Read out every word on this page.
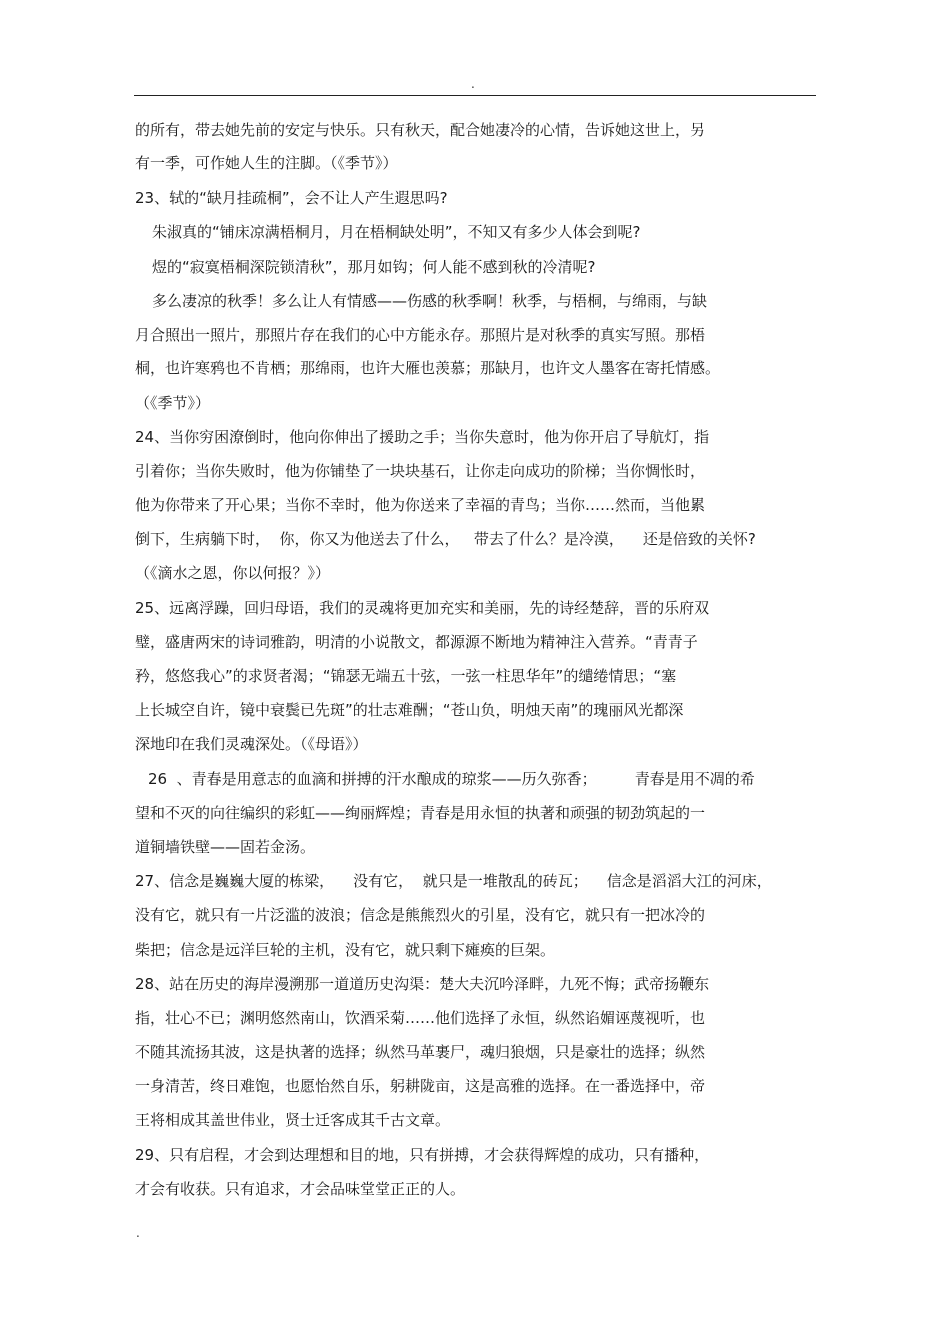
.
的所有，带去她先前的安定与快乐。只有秋天，配合她凄冷的心情，告诉她这世上，另
有一季，可作她人生的注脚。（《季节》）
23、轼的“缺月挂疏桐”，会不让人产生遐思吗?
朱淑真的“铺床凉满梧桐月，月在梧桐缺处明”，不知又有多少人体会到呢?
煜的“寂寞梧桐深院锁清秋”，那月如钩；何人能不感到秋的冷清呢?
多么凄凉的秋季！多么让人有情感——伤感的秋季啊！秋季，与梧桐，与绵雨，与缺
月合照出一照片，那照片存在我们的心中方能永存。那照片是对秋季的真实写照。那梧
桐，也许寒鸦也不肯栖；那绵雨，也许大雁也羡慕；那缺月，也许文人墨客在寄托情感。
（《季节》）
24、当你穷困潦倒时，他向你伸出了援助之手；当你失意时，他为你开启了导航灯，指
引着你；当你失败时，他为你铺垫了一块块基石，让你走向成功的阶梯；当你惆怅时，
他为你带来了开心果；当你不幸时，他为你送来了幸福的青鸟；当你……然而，当他累
倒下，生病躺下时，  你，你又为他送去了什么，   带去了什么？是冷漠，    还是倍致的关怀?
（《滴水之恩，你以何报？》）
25、远离浮躁，回归母语，我们的灵魂将更加充实和美丽，先的诗经楚辞，晋的乐府双
璧，盛唐两宋的诗词雅韵，明清的小说散文，都源源不断地为精神注入营养。“青青子
矜，悠悠我心”的求贤者渴；“锦瑟无端五十弦，一弦一柱思华年”的缱绻情思；“塞
上长城空自许，镜中衰鬓已先斑”的壮志难酬；“苍山负，明烛天南”的瑰丽风光都深
深地印在我们灵魂深处。（《母语》）
26  、青春是用意志的血滴和拼搏的汗水酿成的琼浆——历久弥香；        青春是用不凋的希
望和不灭的向往编织的彩虹——绚丽辉煌；青春是用永恒的执著和顽强的韧劲筑起的一
道铜墙铁壁——固若金汤。
27、信念是巍巍大厦的栋梁，    没有它，  就只是一堆散乱的砖瓦；    信念是滔滔大江的河床，
没有它，就只有一片泛滥的波浪；信念是熊熊烈火的引星，没有它，就只有一把冰冷的
柴把；信念是远洋巨轮的主机，没有它，就只剩下瘫痪的巨架。
28、站在历史的海岸漫溯那一道道历史沟渠：楚大夫沉吟泽畔，九死不悔；武帝扬鞭东
指，壮心不已；渊明悠然南山，饮酒采菊……他们选择了永恒，纵然谄媚诬蔑视听，也
不随其流扬其波，这是执著的选择；纵然马革裹尸，魂归狼烟，只是豪壮的选择；纵然
一身清苦，终日难饱，也愿怡然自乐，躬耕陇亩，这是高雅的选择。在一番选择中，帝
王将相成其盖世伟业，贤士迁客成其千古文章。
29、只有启程，才会到达理想和目的地，只有拼搏，才会获得辉煌的成功，只有播种，
才会有收获。只有追求，才会品味堂堂正正的人。
.
